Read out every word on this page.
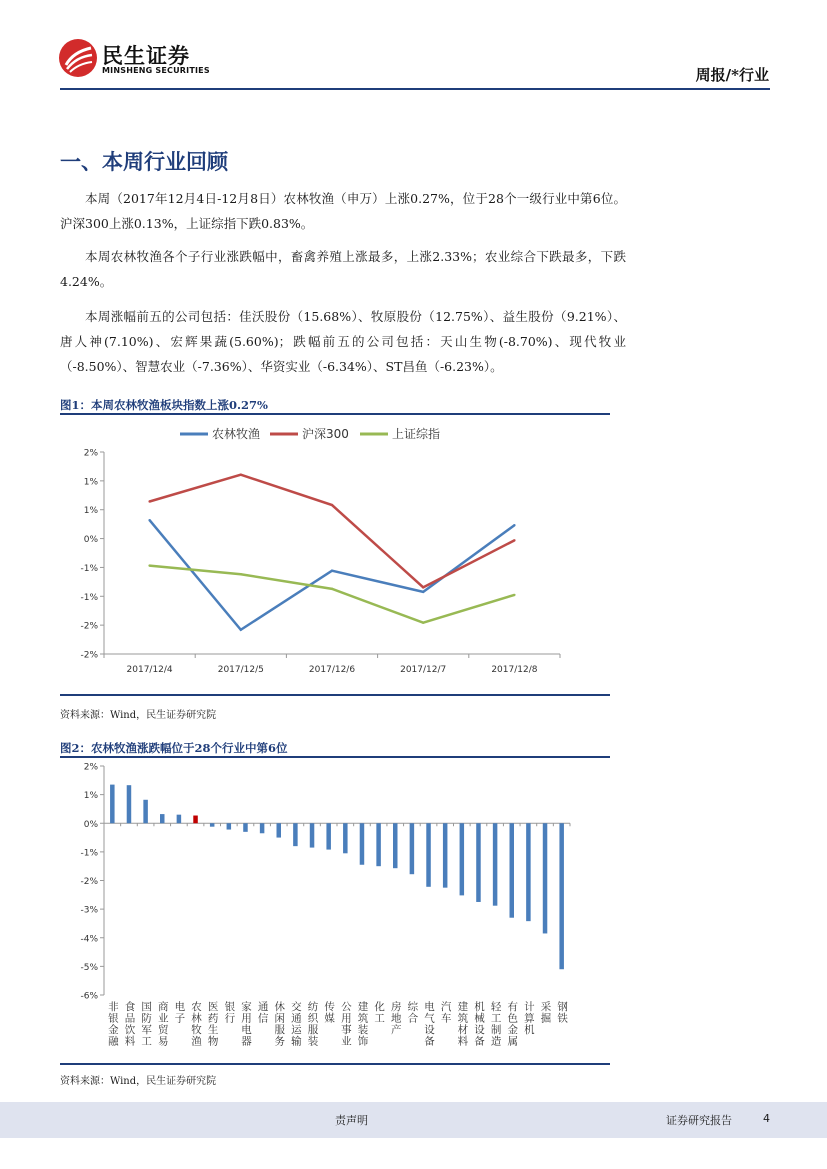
民生证券
MINSHENG SECURITIES	周报/*行业
一、本周行业回顾
本周（2017年12月4日-12月8日）农林牧渔（申万）上涨0.27%，位于28个一级行业中第6位。沪深300上涨0.13%，上证综指下跌0.83%。
本周农林牧渔各个子行业涨跌幅中，畜禽养殖上涨最多，上涨2.33%；农业综合下跌最多，下跌4.24%。
本周涨幅前五的公司包括：佳沃股份（15.68%）、牧原股份（12.75%）、益生股份（9.21%）、唐人神(7.10%)、宏辉果蔬(5.60%)；跌幅前五的公司包括：天山生物(-8.70%)、现代牧业（-8.50%）、智慧农业（-7.36%）、华资实业（-6.34%）、ST昌鱼（-6.23%）。
图1：本周农林牧渔板块指数上涨0.27%
农林牧渔	沪深300	上证综指
2%
1%
1%
0%
-1%
-1%
-2%
-2%
2017/12/4	2017/12/5	2017/12/6	2017/12/7	2017/12/8
资料来源：Wind，民生证券研究院
图2：农林牧渔涨跌幅位于28个行业中第6位
2%
1%
0%
-1%
-2%
-3%
-4%
-5%
-6%
非
银
金
融
食
品
饮
料
国
防
军
工
商
业
贸
易
电
子
农
林
牧
渔
医
药
生
物
银
行
家
用
电
器
通
信
休
闲
服
务
交
通
运
输
纺
织
服
装
传
媒
公
用
事
业
建
筑
装
饰
化
工
房
地
产
综
合
电
气
设
备
汽
车
建
筑
材
料
机
械
设
备
轻
工
制
造
有
色
金
属
计
算
机
采
掘
钢
铁
资料来源：Wind，民生证券研究院
责声明	证券研究报告	4
